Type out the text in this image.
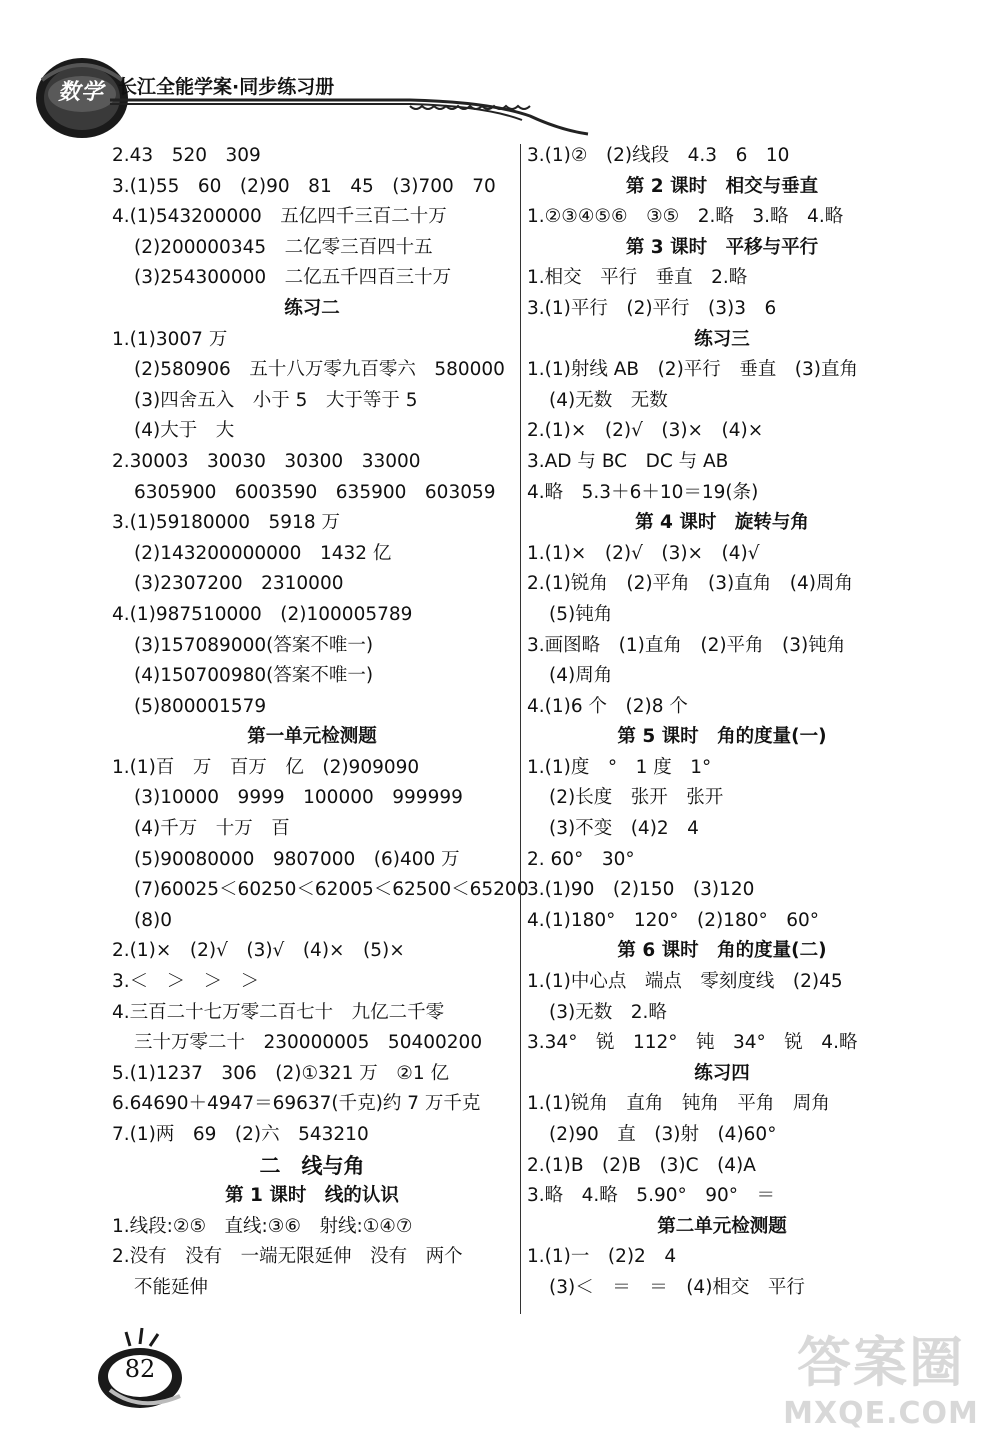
数学 长江全能学案·同步练习册
2.43　520　309
3.(1)55　60　(2)90　81　45　(3)700　70
4.(1)543200000　五亿四千三百二十万
(2)200000345　二亿零三百四十五
(3)254300000　二亿五千四百三十万
练习二
1.(1)3007 万
(2)580906　五十八万零九百零六　580000
(3)四舍五入　小于 5　大于等于 5
(4)大于　大
2.30003　30030　30300　33000
6305900　6003590　635900　603059
3.(1)59180000　5918 万
(2)143200000000　1432 亿
(3)2307200　2310000
4.(1)987510000　(2)100005789
(3)157089000(答案不唯一)
(4)150700980(答案不唯一)
(5)800001579
第一单元检测题
1.(1)百　万　百万　亿　(2)909090
(3)10000　9999　100000　999999
(4)千万　十万　百
(5)90080000　9807000　(6)400 万
(7)60025＜60250＜62005＜62500＜65200
(8)0
2.(1)×　(2)√　(3)√　(4)×　(5)×
3.＜　＞　＞　＞
4.三百二十七万零二百七十　九亿二千零
三十万零二十　230000005　50400200
5.(1)1237　306　(2)①321 万　②1 亿
6.64690＋4947＝69637(千克)约 7 万千克
7.(1)两　69　(2)六　543210
二　线与角
第 1 课时　线的认识
1.线段:②⑤　直线:③⑥　射线:①④⑦
2.没有　没有　一端无限延伸　没有　两个
不能延伸
3.(1)②　(2)线段　4.3　6　10
第 2 课时　相交与垂直
1.②③④⑤⑥　③⑤　2.略　3.略　4.略
第 3 课时　平移与平行
1.相交　平行　垂直　2.略
3.(1)平行　(2)平行　(3)3　6
练习三
1.(1)射线 AB　(2)平行　垂直　(3)直角
(4)无数　无数
2.(1)×　(2)√　(3)×　(4)×
3.AD 与 BC　DC 与 AB
4.略　5.3＋6＋10＝19(条)
第 4 课时　旋转与角
1.(1)×　(2)√　(3)×　(4)√
2.(1)锐角　(2)平角　(3)直角　(4)周角
(5)钝角
3.画图略　(1)直角　(2)平角　(3)钝角
(4)周角
4.(1)6 个　(2)8 个
第 5 课时　角的度量(一)
1.(1)度　°　1 度　1°
(2)长度　张开　张开
(3)不变　(4)2　4
2. 60°　30°
3.(1)90　(2)150　(3)120
4.(1)180°　120°　(2)180°　60°
第 6 课时　角的度量(二)
1.(1)中心点　端点　零刻度线　(2)45
(3)无数　2.略
3.34°　锐　112°　钝　34°　锐　4.略
练习四
1.(1)锐角　直角　钝角　平角　周角
(2)90　直　(3)射　(4)60°
2.(1)B　(2)B　(3)C　(4)A
3.略　4.略　5.90°　90°　＝
第二单元检测题
1.(1)一　(2)2　4
(3)＜　＝　＝　(4)相交　平行
82	答案圈
MXQE.COM
